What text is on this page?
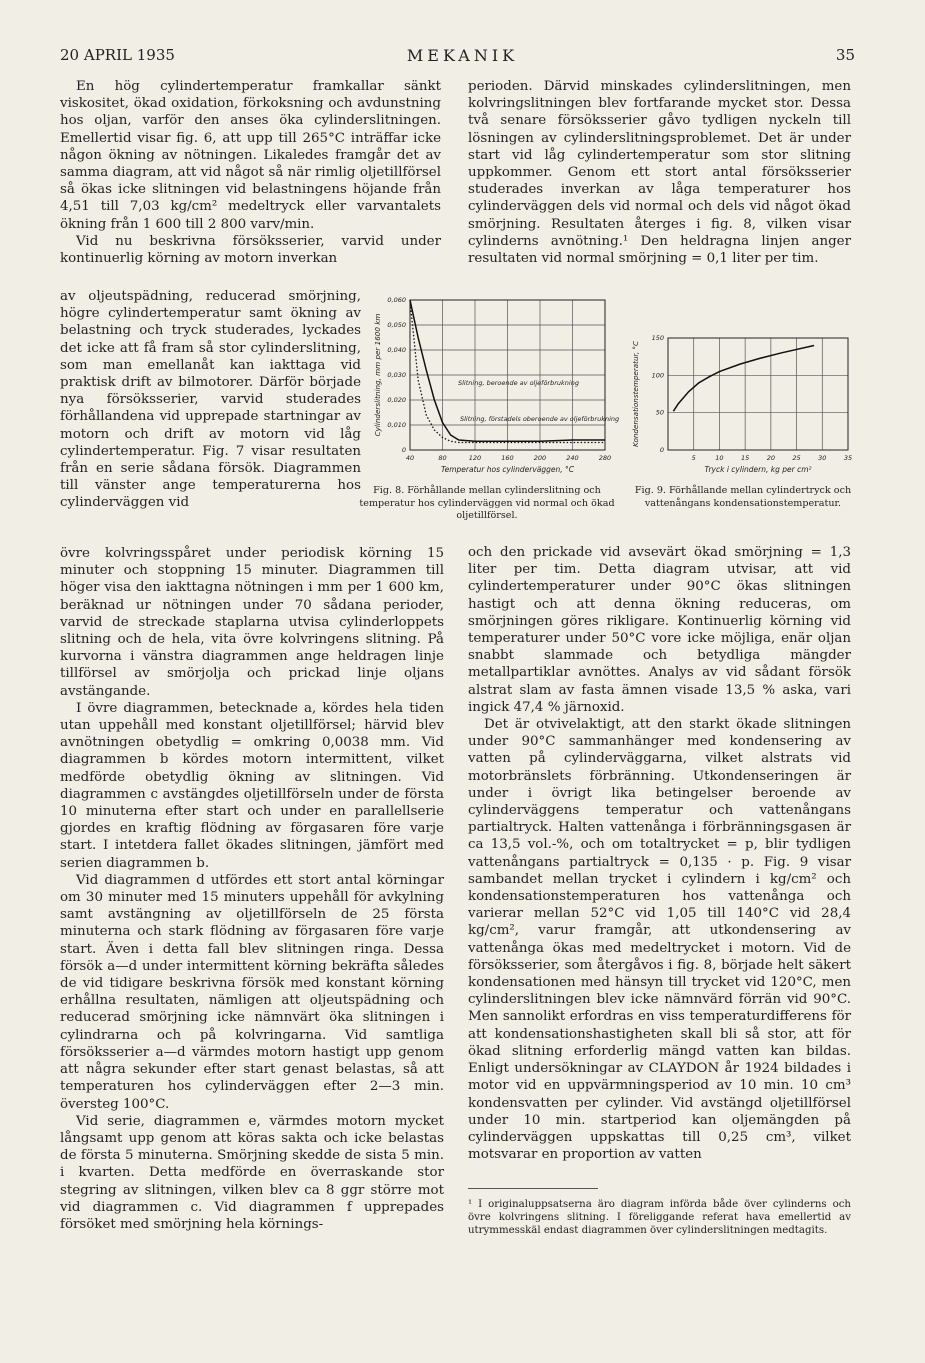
20 APRIL 1935	MEKANIK	35

En hög cylindertemperatur framkallar sänkt viskositet, ökad oxidation, förkoksning och avdunstning hos oljan, varför den anses öka cylinderslitningen. Emellertid visar fig. 6, att upp till 265°C inträffar icke någon ökning av nötningen. Likaledes framgår det av samma diagram, att vid något så när rimlig oljetillförsel så ökas icke slitningen vid belastningens höjande från 4,51 till 7,03 kg/cm² medeltryck eller varvantalets ökning från 1 600 till 2 800 varv/min.

Vid nu beskrivna försöksserier, varvid under kontinuerlig körning av motorn inverkan

perioden. Därvid minskades cylinderslitningen, men kolvringslitningen blev fortfarande mycket stor. Dessa två senare försöksserier gåvo tydligen nyckeln till lösningen av cylinderslitningsproblemet. Det är under start vid låg cylindertemperatur som stor slitning uppkommer. Genom ett stort antal försöksserier studerades inverkan av låga temperaturer hos cylinderväggen dels vid normal och dels vid något ökad smörjning. Resultaten återges i fig. 8, vilken visar cylinderns avnötning.¹ Den heldragna linjen anger resultaten vid normal smörjning = 0,1 liter per tim.

av oljeutspädning, reducerad smörjning, högre cylindertemperatur samt ökning av belastning och tryck studerades, lyckades det icke att få fram så stor cylinderslitning, som man emellanåt kan iakttaga vid praktisk drift av bilmotorer. Därför började nya försöksserier, varvid studerades förhållandena vid upprepade startningar av motorn och drift av motorn vid låg cylindertemperatur. Fig. 7 visar resultaten från en serie sådana försök. Diagrammen till vänster ange temperaturerna hos cylinderväggen vid

40	80	120	160	200	240	280
0
0,010
0,020
0,030
0,040
0,050
0,060
Temperatur hos cylinderväggen, °C
Cylinderslitning, mm per 1600 km	Slitning, beroende av oljeförbrukning
Slitning, förstadels oberoende av oljeförbrukning
Fig. 8. Förhållande mellan cylinderslitning och temperatur hos cylinderväggen vid normal och ökad oljetillförsel.
5	10	15	20	25	30	35
0
50
100
150
Tryck i cylindern, kg per cm²
Kondensationstemperatur, °C
Fig. 9. Förhållande mellan cylindertryck och vattenångans kondensationstemperatur.

övre kolvringsspåret under periodisk körning 15 minuter och stoppning 15 minuter. Diagrammen till höger visa den iakttagna nötningen i mm per 1 600 km, beräknad ur nötningen under 70 sådana perioder, varvid de streckade staplarna utvisa cylinderloppets slitning och de hela, vita övre kolvringens slitning. På kurvorna i vänstra diagrammen ange heldragen linje tillförsel av smörjolja och prickad linje oljans avstängande.

I övre diagrammen, betecknade a, kördes hela tiden utan uppehåll med konstant oljetillförsel; härvid blev avnötningen obetydlig = omkring 0,0038 mm. Vid diagrammen b kördes motorn intermittent, vilket medförde obetydlig ökning av slitningen. Vid diagrammen c avstängdes oljetillförseln under de första 10 minuterna efter start och under en parallellserie gjordes en kraftig flödning av förgasaren före varje start. I intetdera fallet ökades slitningen, jämfört med serien diagrammen b.

Vid diagrammen d utfördes ett stort antal körningar om 30 minuter med 15 minuters uppehåll för avkylning samt avstängning av oljetillförseln de 25 första minuterna och stark flödning av förgasaren före varje start. Även i detta fall blev slitningen ringa. Dessa försök a—d under intermittent körning bekräfta således de vid tidigare beskrivna försök med konstant körning erhållna resultaten, nämligen att oljeutspädning och reducerad smörjning icke nämnvärt öka slitningen i cylindrarna och på kolvringarna. Vid samtliga försöksserier a—d värmdes motorn hastigt upp genom att några sekunder efter start genast belastas, så att temperaturen hos cylinderväggen efter 2—3 min. översteg 100°C.

Vid serie, diagrammen e, värmdes motorn mycket långsamt upp genom att köras sakta och icke belastas de första 5 minuterna. Smörjning skedde de sista 5 min. i kvarten. Detta medförde en överraskande stor stegring av slitningen, vilken blev ca 8 ggr större mot vid diagrammen c. Vid diagrammen f upprepades försöket med smörjning hela körnings-

och den prickade vid avsevärt ökad smörjning = 1,3 liter per tim. Detta diagram utvisar, att vid cylindertemperaturer under 90°C ökas slitningen hastigt och att denna ökning reduceras, om smörjningen göres rikligare. Kontinuerlig körning vid temperaturer under 50°C vore icke möjliga, enär oljan snabbt slammade och betydliga mängder metallpartiklar avnöttes. Analys av vid sådant försök alstrat slam av fasta ämnen visade 13,5 % aska, vari ingick 47,4 % järnoxid.

Det är otvivelaktigt, att den starkt ökade slitningen under 90°C sammanhänger med kondensering av vatten på cylinderväggarna, vilket alstrats vid motorbränslets förbränning. Utkondenseringen är under i övrigt lika betingelser beroende av cylinderväggens temperatur och vattenångans partialtryck. Halten vattenånga i förbränningsgasen är ca 13,5 vol.-%, och om totaltrycket = p, blir tydligen vattenångans partialtryck = 0,135 · p. Fig. 9 visar sambandet mellan trycket i cylindern i kg/cm² och kondensationstemperaturen hos vattenånga och varierar mellan 52°C vid 1,05 till 140°C vid 28,4 kg/cm², varur framgår, att utkondensering av vattenånga ökas med medeltrycket i motorn. Vid de försöksserier, som återgåvos i fig. 8, började helt säkert kondensationen med hänsyn till trycket vid 120°C, men cylinderslitningen blev icke nämnvärd förrän vid 90°C. Men sannolikt erfordras en viss temperaturdifferens för att kondensationshastigheten skall bli så stor, att för ökad slitning erforderlig mängd vatten kan bildas. Enligt undersökningar av CLAYDON år 1924 bildades i motor vid en uppvärmningsperiod av 10 min. 10 cm³ kondensvatten per cylinder. Vid avstängd oljetillförsel under 10 min. startperiod kan oljemängden på cylinderväggen uppskattas till 0,25 cm³, vilket motsvarar en proportion av vatten

¹ I originaluppsatserna äro diagram införda både över cylinderns och övre kolvringens slitning. I föreliggande referat hava emellertid av utrymmesskäl endast diagrammen över cylinderslitningen medtagits.
